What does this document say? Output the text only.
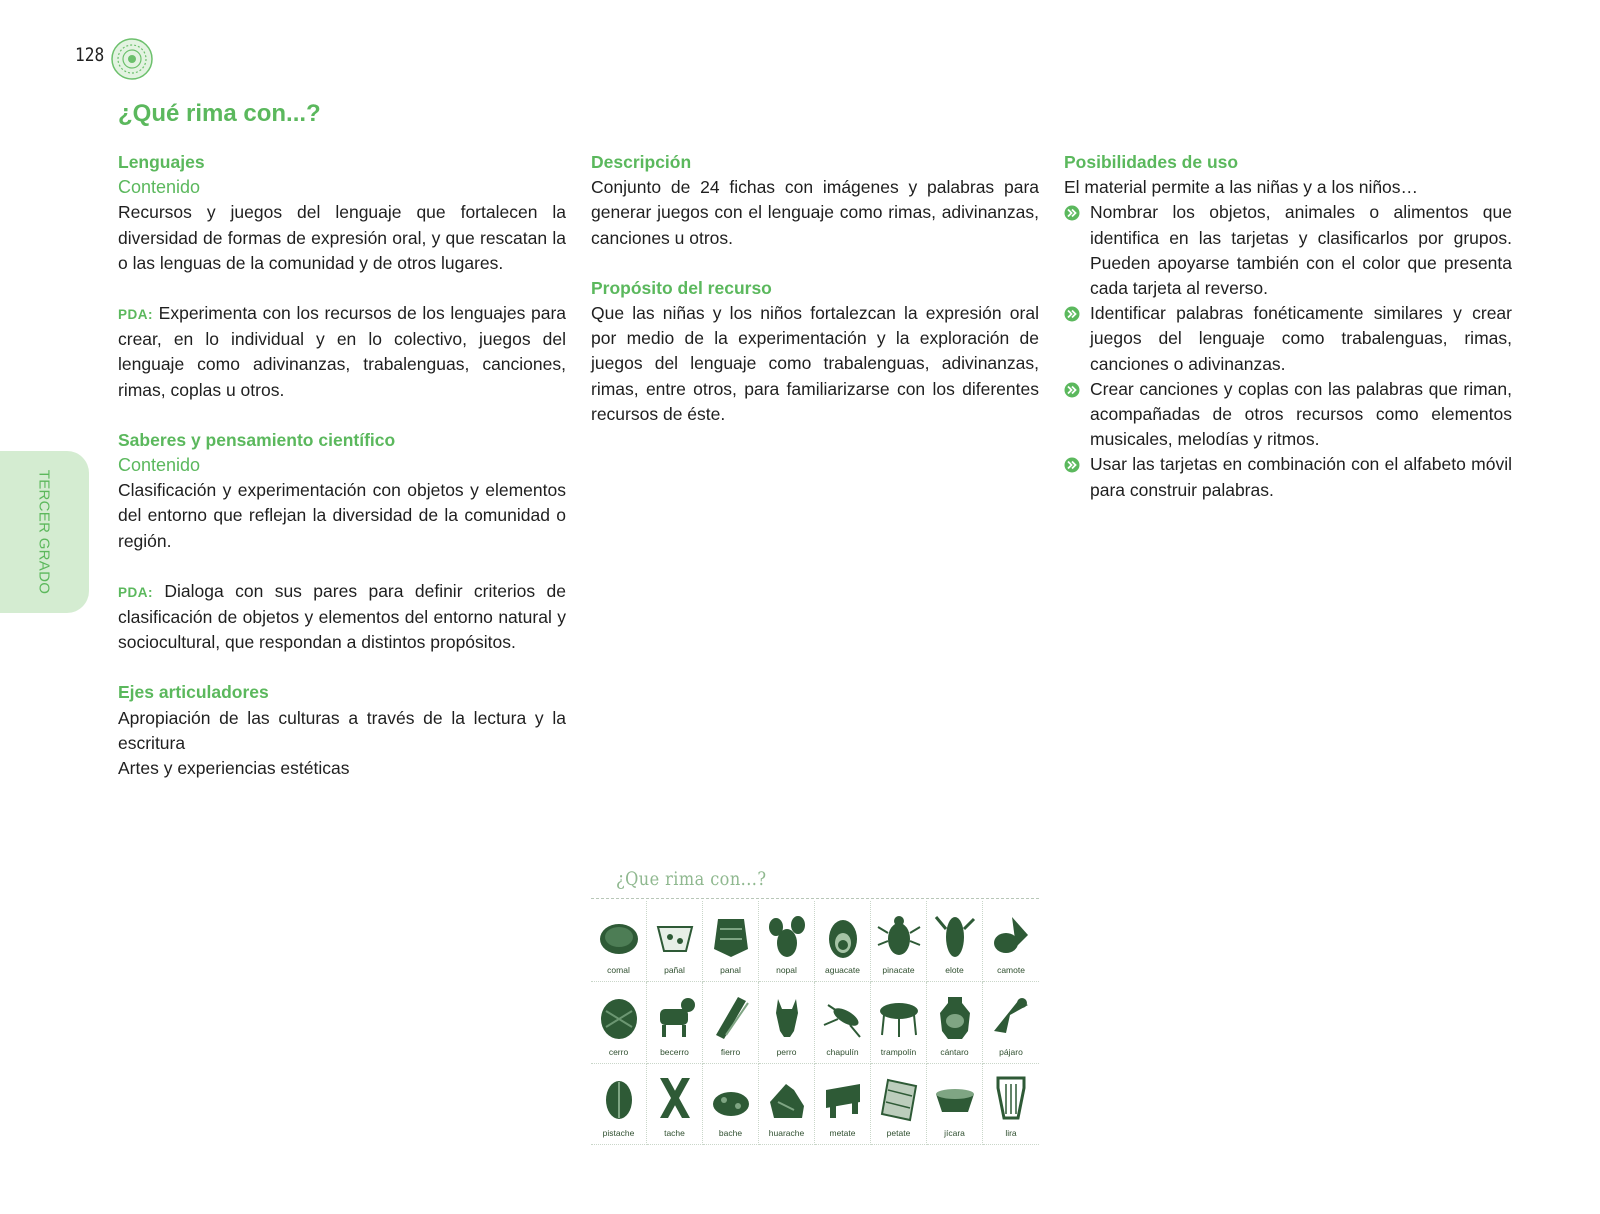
128
TERCER GRADO
¿Qué rima con...?
Lenguajes
Contenido
Recursos y juegos del lenguaje que fortalecen la diversidad de formas de expresión oral, y que rescatan la o las lenguas de la comunidad y de otros lugares.
PDA: Experimenta con los recursos de los lenguajes para crear, en lo individual y en lo colectivo, juegos del lenguaje como adivinanzas, trabalenguas, canciones, rimas, coplas u otros.
Saberes y pensamiento científico
Contenido
Clasificación y experimentación con objetos y elementos del entorno que reflejan la diversidad de la comunidad o región.
PDA: Dialoga con sus pares para definir criterios de clasificación de objetos y elementos del entorno natural y sociocultural, que respondan a distintos propósitos.
Ejes articuladores
Apropiación de las culturas a través de la lectura y la escritura
Artes y experiencias estéticas
Descripción
Conjunto de 24 fichas con imágenes y palabras para generar juegos con el lenguaje como rimas, adivinanzas, canciones u otros.
Propósito del recurso
Que las niñas y los niños fortalezcan la expresión oral por medio de la experimentación y la exploración de juegos del lenguaje como trabalenguas, adivinanzas, rimas, entre otros, para familiarizarse con los diferentes recursos de éste.
Posibilidades de uso
El material permite a las niñas y a los niños…
Nombrar los objetos, animales o alimentos que identifica en las tarjetas y clasificarlos por grupos. Pueden apoyarse también con el color que presenta cada tarjeta al reverso.
Identificar palabras fonéticamente similares y crear juegos del lenguaje como trabalenguas, rimas, canciones o adivinanzas.
Crear canciones y coplas con las palabras que riman, acompañadas de otros recursos como elementos musicales, melodías y ritmos.
Usar las tarjetas en combinación con el alfabeto móvil para construir palabras.
¿Que rima con...?
comal	pañal	panal	nopal	aguacate	pinacate	elote	camote
cerro	becerro	fierro	perro	chapulín	trampolín	cántaro	pájaro
pistache	tache	bache	huarache	metate	petate	jícara	lira
